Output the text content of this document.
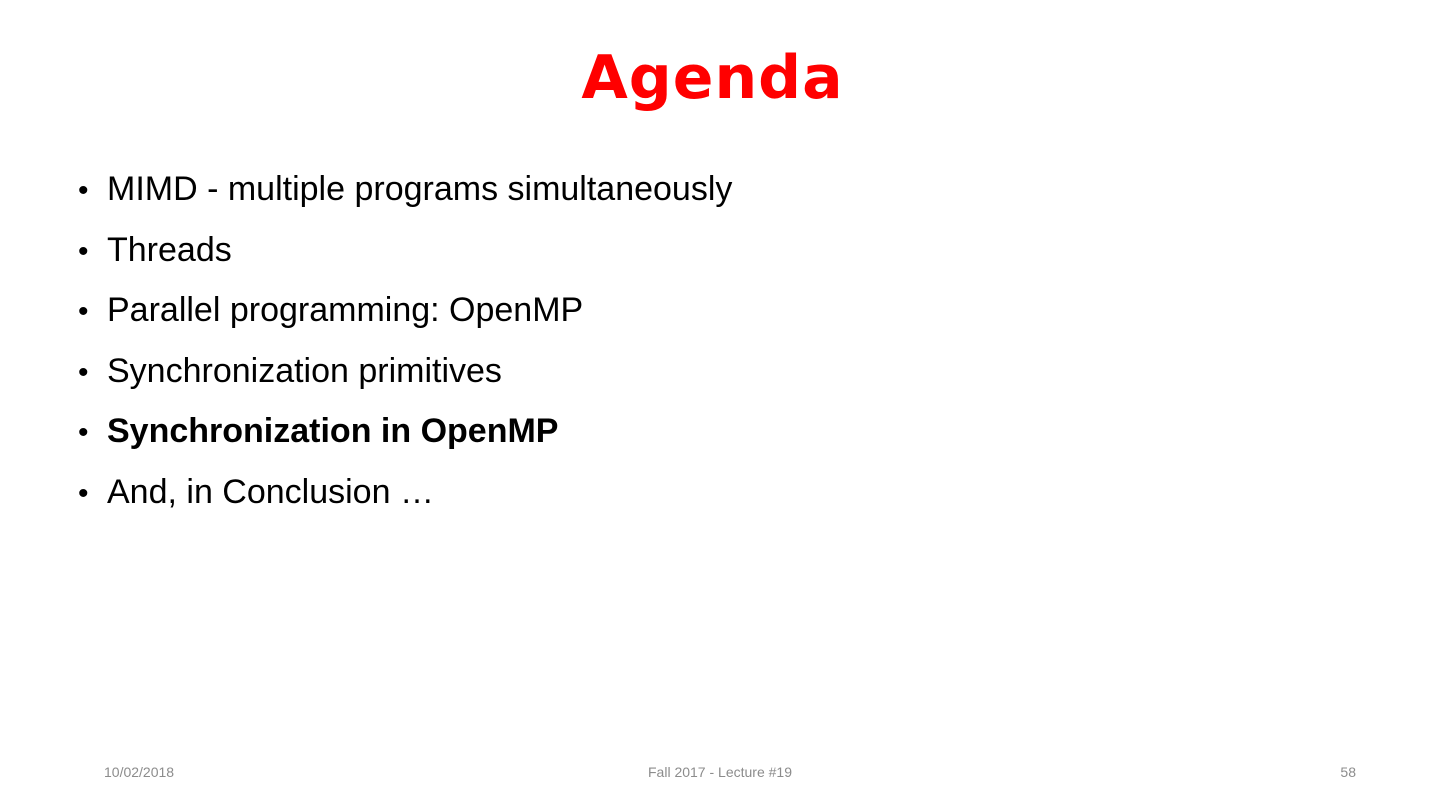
Agenda
• MIMD - multiple programs simultaneously
• Threads
• Parallel programming: OpenMP
• Synchronization primitives
• Synchronization in OpenMP
• And, in Conclusion …
10/02/2018	Fall 2017 - Lecture #19	58
